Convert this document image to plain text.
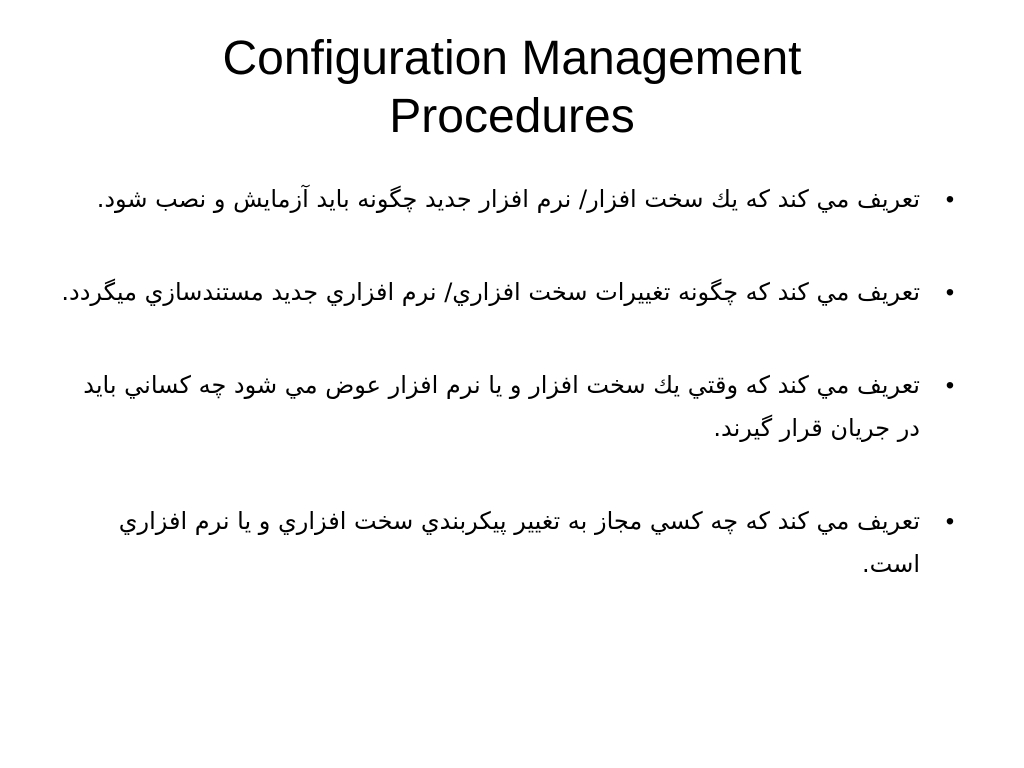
Configuration Management
Procedures
•
تعريف مي كند كه يك سخت افزار/ نرم افزار جديد چگونه بايد آزمايش و نصب شود.
•
تعريف مي كند كه چگونه تغييرات سخت افزاري/ نرم افزاري جديد مستندسازي ميگردد.
•
تعريف مي كند كه وقتي يك سخت افزار و يا نرم افزار عوض مي شود چه كساني بايد در جريان قرار گيرند.
•
تعريف مي كند كه چه كسي مجاز به تغيير پيكربندي سخت افزاري و يا نرم افزاري است.
